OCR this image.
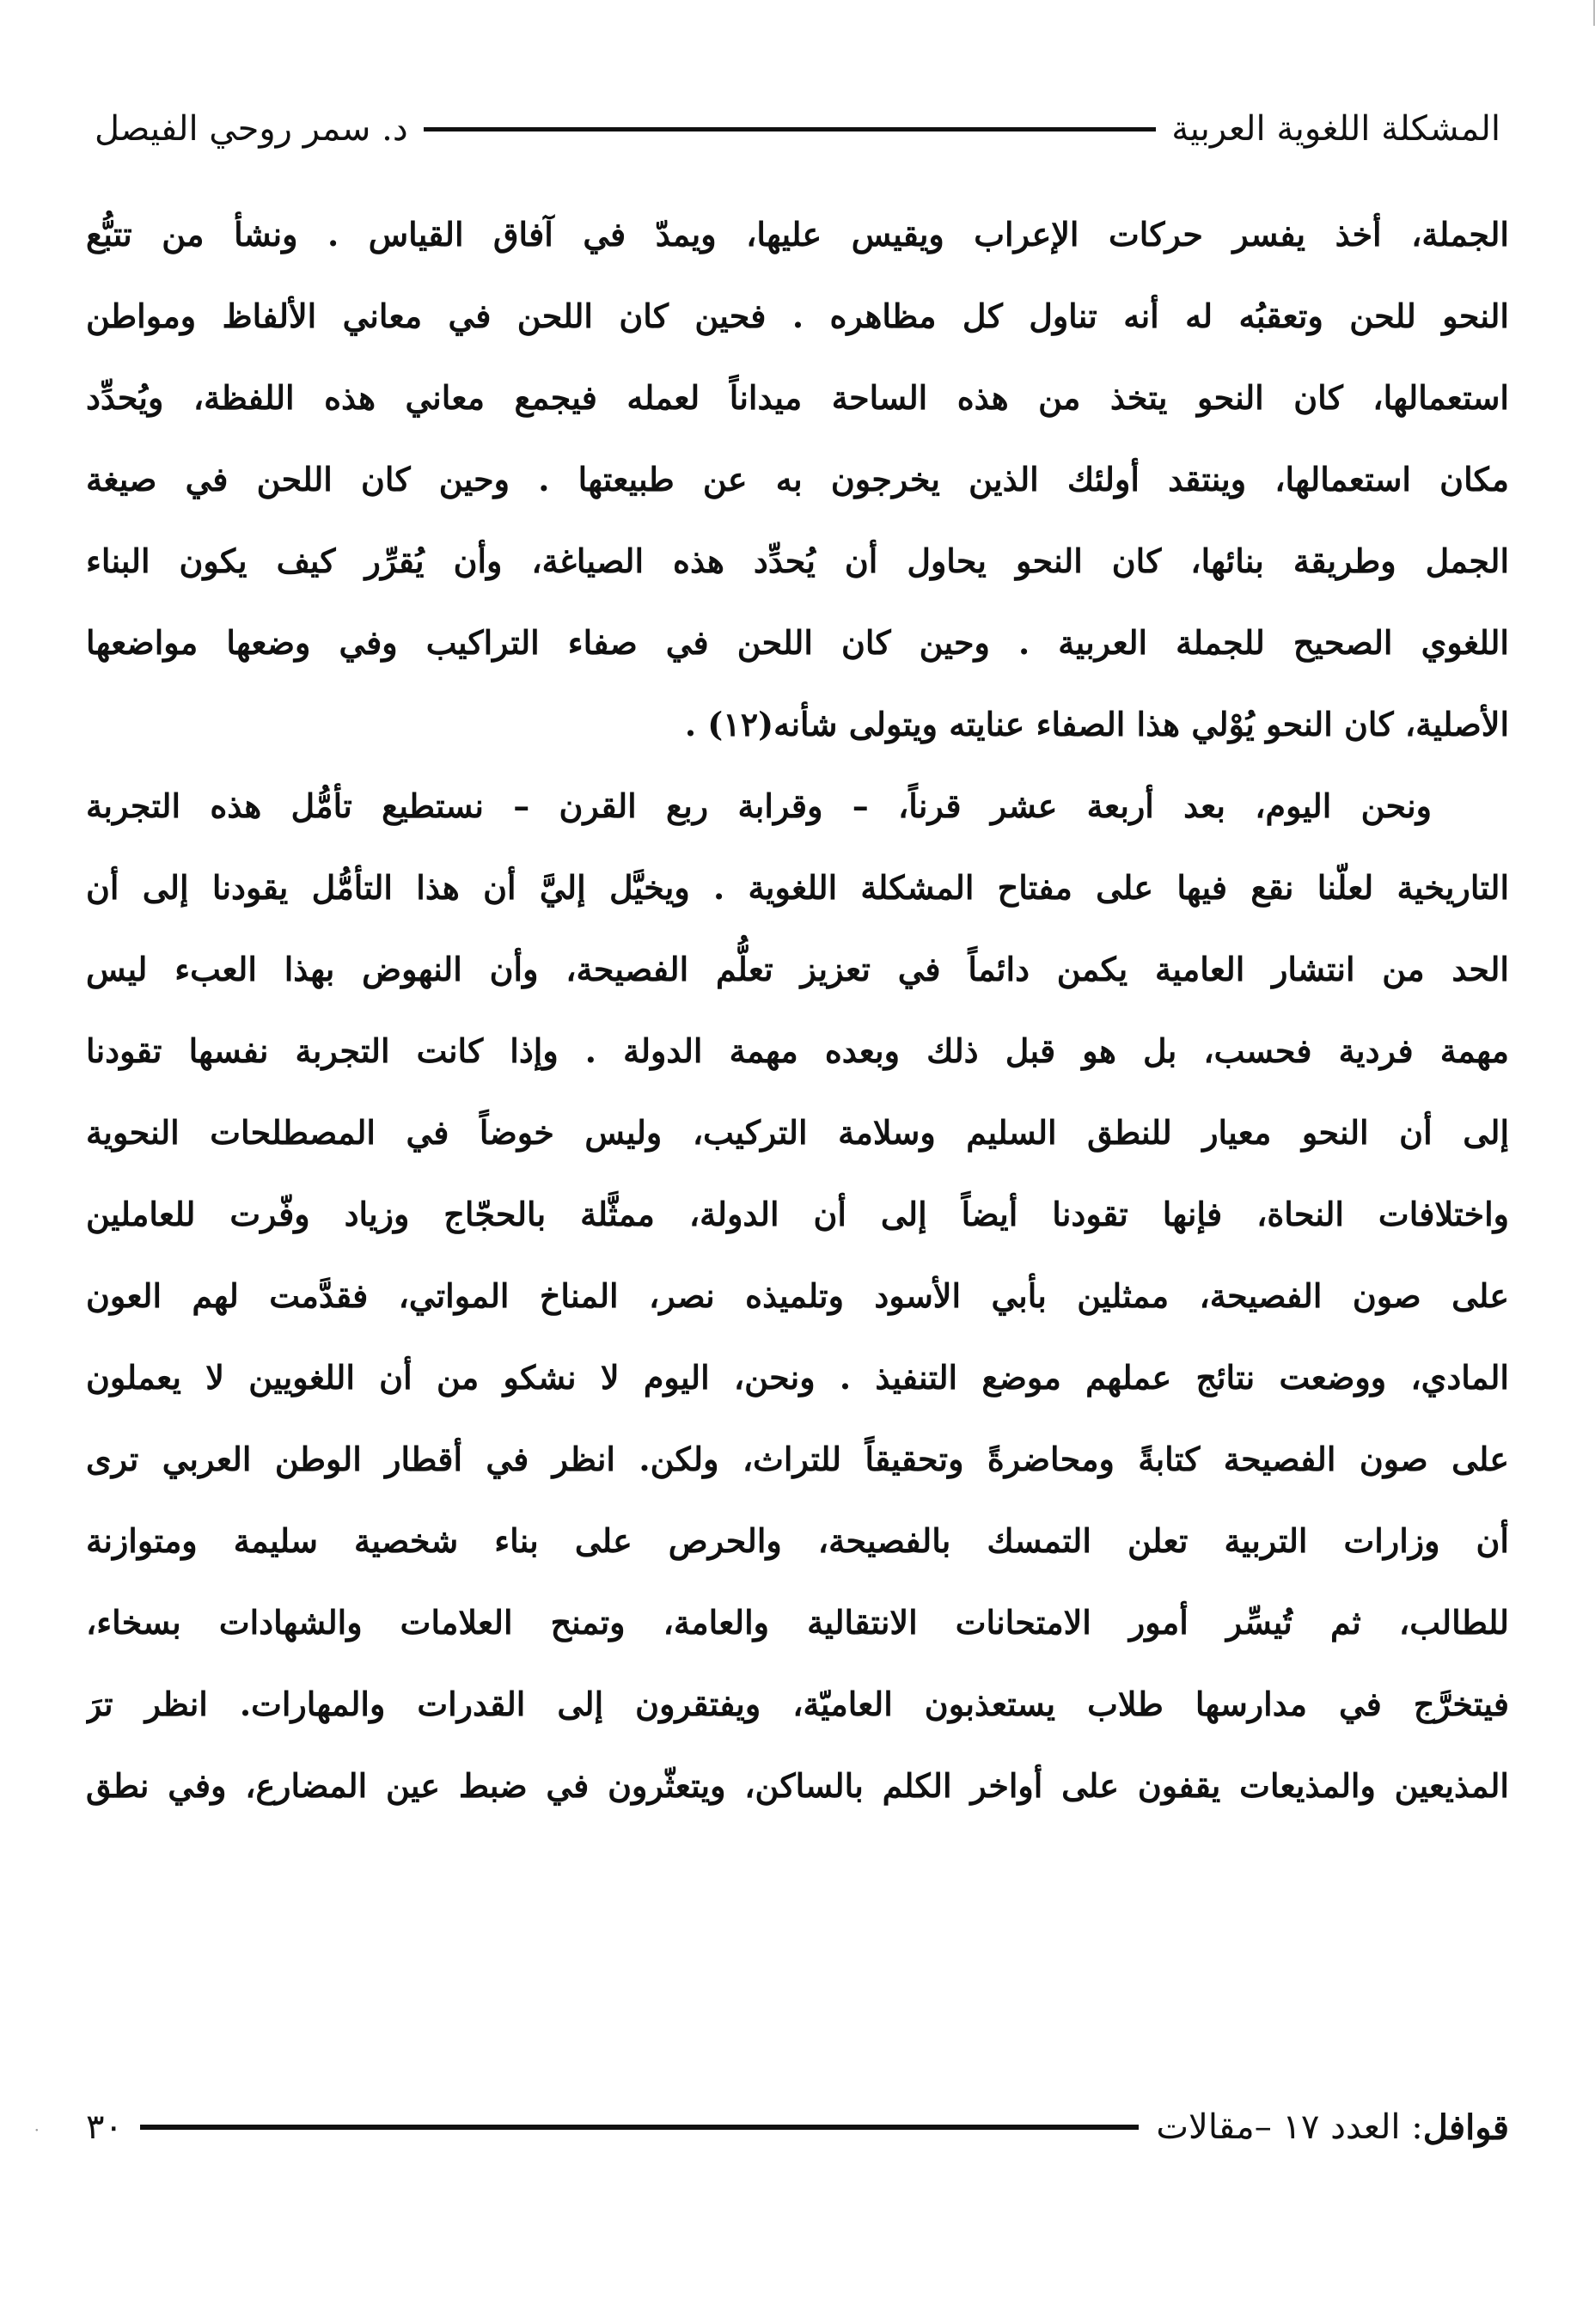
المشكلة اللغوية العربية
د. سمر روحي الفيصل
الجملة، أخذ يفسر حركات الإعراب ويقيس عليها، ويمدّ في آفاق القياس . ونشأ من تتبُّع
النحو للحن وتعقبُه له أنه تناول كل مظاهره . فحين كان اللحن في معاني الألفاظ ومواطن
استعمالها، كان النحو يتخذ من هذه الساحة ميداناً لعمله فيجمع معاني هذه اللفظة، ويُحدِّد
مكان استعمالها، وينتقد أولئك الذين يخرجون به عن طبيعتها . وحين كان اللحن في صيغة
الجمل وطريقة بنائها، كان النحو يحاول أن يُحدِّد هذه الصياغة، وأن يُقرِّر كيف يكون البناء
اللغوي الصحيح للجملة العربية . وحين كان اللحن في صفاء التراكيب وفي وضعها مواضعها
الأصلية، كان النحو يُوْلي هذا الصفاء عنايته ويتولى شأنه(١٢) .
ونحن اليوم، بعد أربعة عشر قرناً، – وقرابة ربع القرن – نستطيع تأمُّل هذه التجربة
التاريخية لعلّنا نقع فيها على مفتاح المشكلة اللغوية . ويخيَّل إليَّ أن هذا التأمُّل يقودنا إلى أن
الحد من انتشار العامية يكمن دائماً في تعزيز تعلُّم الفصيحة، وأن النهوض بهذا العبء ليس
مهمة فردية فحسب، بل هو قبل ذلك وبعده مهمة الدولة . وإذا كانت التجربة نفسها تقودنا
إلى أن النحو معيار للنطق السليم وسلامة التركيب، وليس خوضاً في المصطلحات النحوية
واختلافات النحاة، فإنها تقودنا أيضاً إلى أن الدولة، ممثَّلة بالحجّاج وزياد وفّرت للعاملين
على صون الفصيحة، ممثلين بأبي الأسود وتلميذه نصر، المناخ المواتي، فقدَّمت لهم العون
المادي، ووضعت نتائج عملهم موضع التنفيذ . ونحن، اليوم لا نشكو من أن اللغويين لا يعملون
على صون الفصيحة كتابةً ومحاضرةً وتحقيقاً للتراث، ولكن. انظر في أقطار الوطن العربي ترى
أن وزارات التربية تعلن التمسك بالفصيحة، والحرص على بناء شخصية سليمة ومتوازنة
للطالب، ثم تُيسِّر أمور الامتحانات الانتقالية والعامة، وتمنح العلامات والشهادات بسخاء،
فيتخرَّج في مدارسها طلاب يستعذبون العاميّة، ويفتقرون إلى القدرات والمهارات. انظر ترَ
المذيعين والمذيعات يقفون على أواخر الكلم بالساكن، ويتعثّرون في ضبط عين المضارع، وفي نطق
قوافل
: العدد ١٧ –مقالات
٣٠
·
